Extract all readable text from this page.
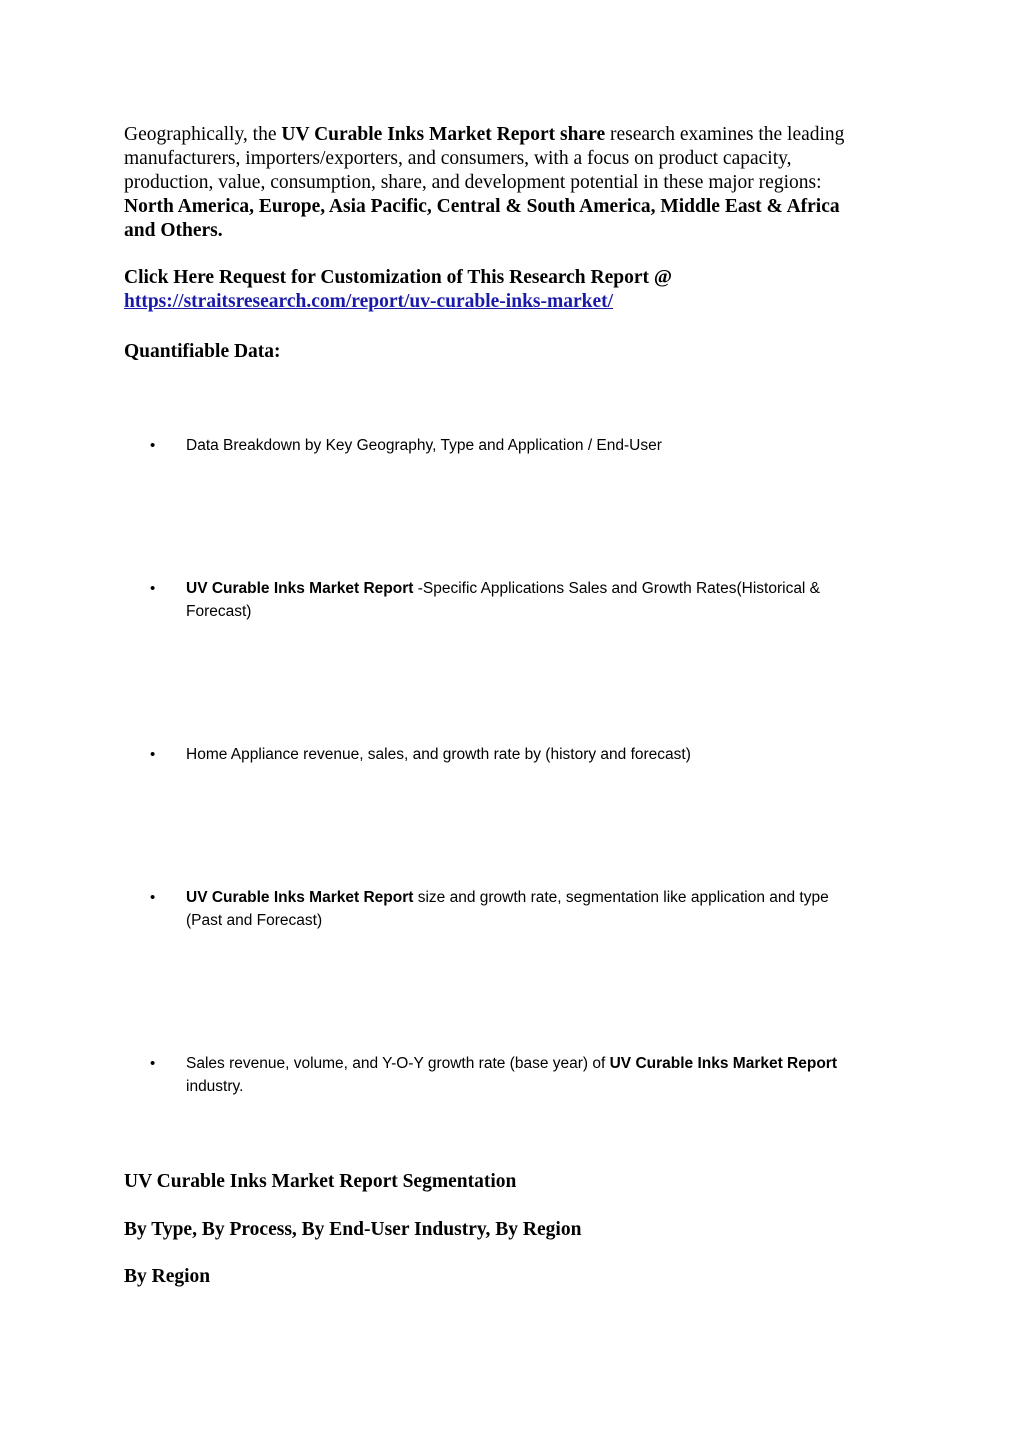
Geographically, the UV Curable Inks Market Report share research examines the leading
manufacturers, importers/exporters, and consumers, with a focus on product capacity,
production, value, consumption, share, and development potential in these major regions:
North America, Europe, Asia Pacific, Central & South America, Middle East & Africa
and Others.

Click Here Request for Customization of This Research Report @
https://straitsresearch.com/report/uv-curable-inks-market/

Quantifiable Data:

• Data Breakdown by Key Geography, Type and Application / End-User
• UV Curable Inks Market Report -Specific Applications Sales and Growth Rates(Historical &
Forecast)
• Home Appliance revenue, sales, and growth rate by (history and forecast)
• UV Curable Inks Market Report size and growth rate, segmentation like application and type
(Past and Forecast)
• Sales revenue, volume, and Y-O-Y growth rate (base year) of UV Curable Inks Market Report
industry.

UV Curable Inks Market Report Segmentation

By Type, By Process, By End-User Industry, By Region

By Region
